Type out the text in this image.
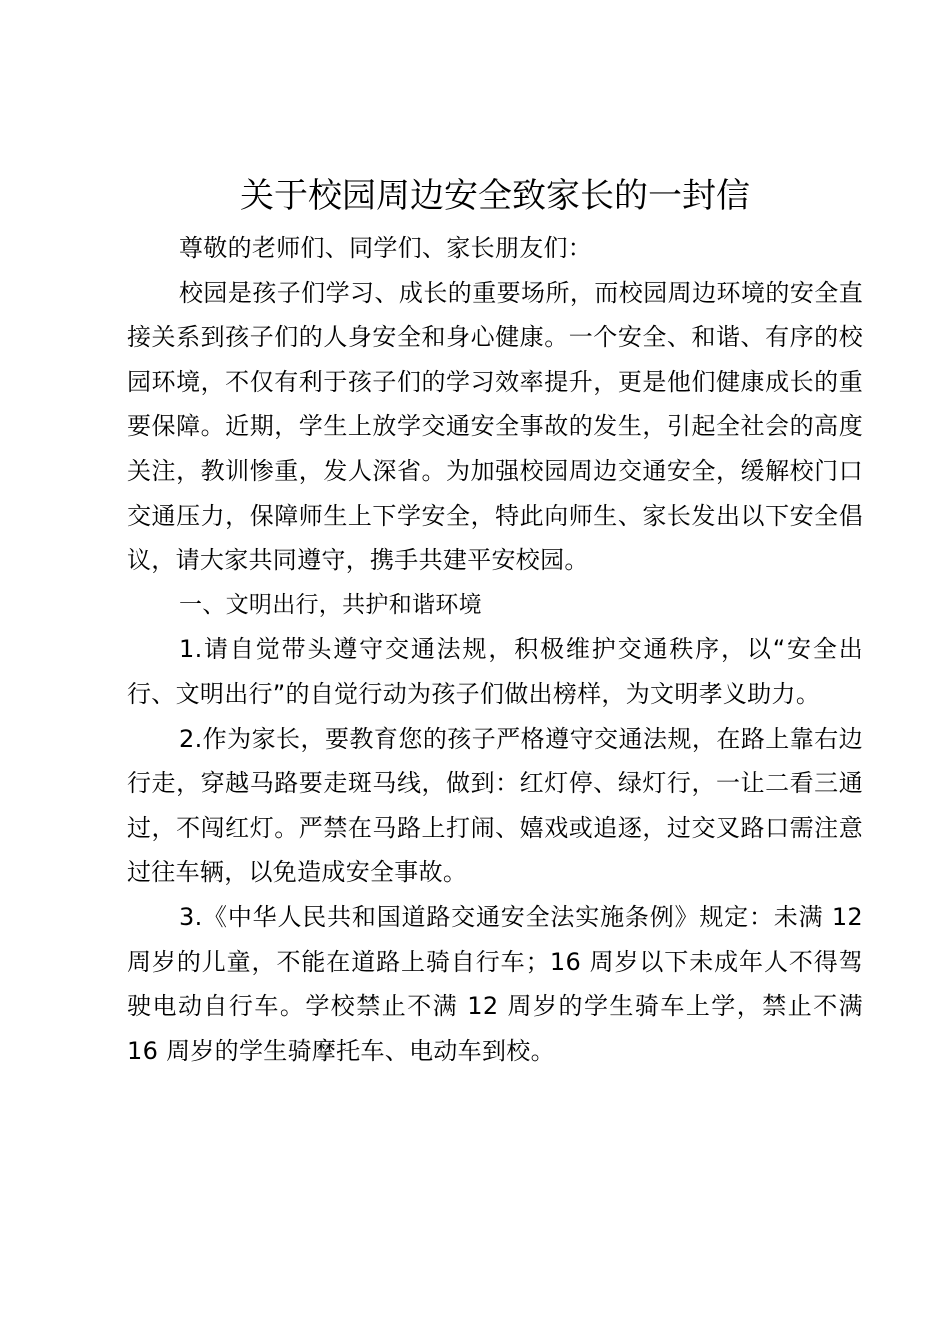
关于校园周边安全致家长的一封信

尊敬的老师们、同学们、家长朋友们：

校园是孩子们学习、成长的重要场所，而校园周边环境的安全直接关系到孩子们的人身安全和身心健康。一个安全、和谐、有序的校园环境，不仅有利于孩子们的学习效率提升，更是他们健康成长的重要保障。近期，学生上放学交通安全事故的发生，引起全社会的高度关注，教训惨重，发人深省。为加强校园周边交通安全，缓解校门口交通压力，保障师生上下学安全，特此向师生、家长发出以下安全倡议，请大家共同遵守，携手共建平安校园。

一、文明出行，共护和谐环境

1.请自觉带头遵守交通法规，积极维护交通秩序，以“安全出行、文明出行”的自觉行动为孩子们做出榜样，为文明孝义助力。

2.作为家长，要教育您的孩子严格遵守交通法规，在路上靠右边行走，穿越马路要走斑马线，做到：红灯停、绿灯行，一让二看三通过，不闯红灯。严禁在马路上打闹、嬉戏或追逐，过交叉路口需注意过往车辆，以免造成安全事故。

3.《中华人民共和国道路交通安全法实施条例》规定：未满 12 周岁的儿童，不能在道路上骑自行车；16 周岁以下未成年人不得驾驶电动自行车。学校禁止不满 12 周岁的学生骑车上学，禁止不满 16 周岁的学生骑摩托车、电动车到校。
